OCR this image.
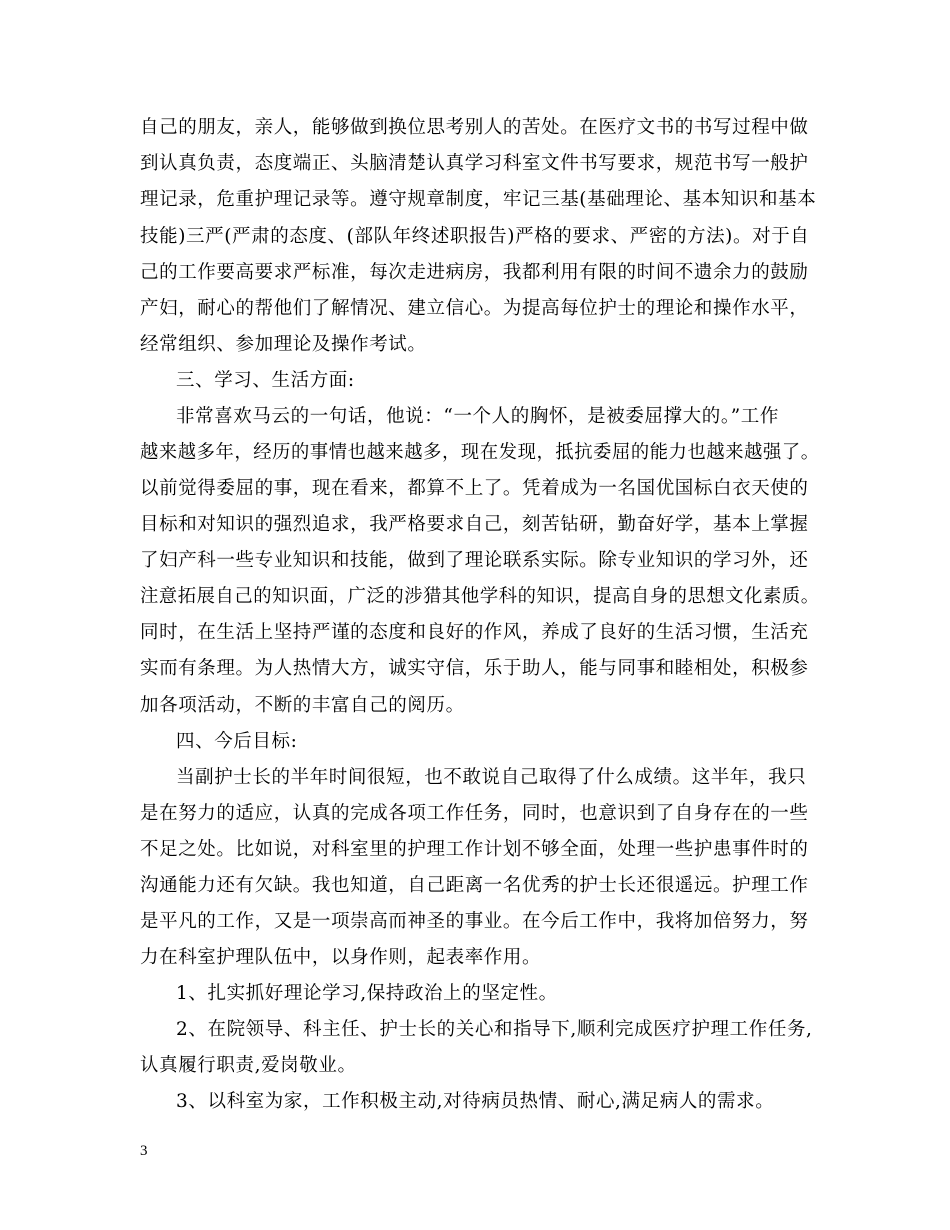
自己的朋友，亲人，能够做到换位思考别人的苦处。在医疗文书的书写过程中做
到认真负责，态度端正、头脑清楚认真学习科室文件书写要求，规范书写一般护
理记录，危重护理记录等。遵守规章制度，牢记三基(基础理论、基本知识和基本
技能)三严(严肃的态度、(部队年终述职报告)严格的要求、严密的方法)。对于自
己的工作要高要求严标准，每次走进病房，我都利用有限的时间不遗余力的鼓励
产妇，耐心的帮他们了解情况、建立信心。为提高每位护士的理论和操作水平，
经常组织、参加理论及操作考试。
三、学习、生活方面:
非常喜欢马云的一句话，他说：“一个人的胸怀，是被委屈撑大的。”工作
越来越多年，经历的事情也越来越多，现在发现，抵抗委屈的能力也越来越强了。
以前觉得委屈的事，现在看来，都算不上了。凭着成为一名国优国标白衣天使的
目标和对知识的强烈追求，我严格要求自己，刻苦钻研，勤奋好学，基本上掌握
了妇产科一些专业知识和技能，做到了理论联系实际。除专业知识的学习外，还
注意拓展自己的知识面，广泛的涉猎其他学科的知识，提高自身的思想文化素质。
同时，在生活上坚持严谨的态度和良好的作风，养成了良好的生活习惯，生活充
实而有条理。为人热情大方，诚实守信，乐于助人，能与同事和睦相处，积极参
加各项活动，不断的丰富自己的阅历。
四、今后目标:
当副护士长的半年时间很短，也不敢说自己取得了什么成绩。这半年，我只
是在努力的适应，认真的完成各项工作任务，同时，也意识到了自身存在的一些
不足之处。比如说，对科室里的护理工作计划不够全面，处理一些护患事件时的
沟通能力还有欠缺。我也知道，自己距离一名优秀的护士长还很遥远。护理工作
是平凡的工作，又是一项崇高而神圣的事业。在今后工作中，我将加倍努力，努
力在科室护理队伍中，以身作则，起表率作用。
1、扎实抓好理论学习,保持政治上的坚定性。
2、在院领导、科主任、护士长的关心和指导下,顺利完成医疗护理工作任务,
认真履行职责,爱岗敬业。
3、以科室为家，工作积极主动,对待病员热情、耐心,满足病人的需求。
3
